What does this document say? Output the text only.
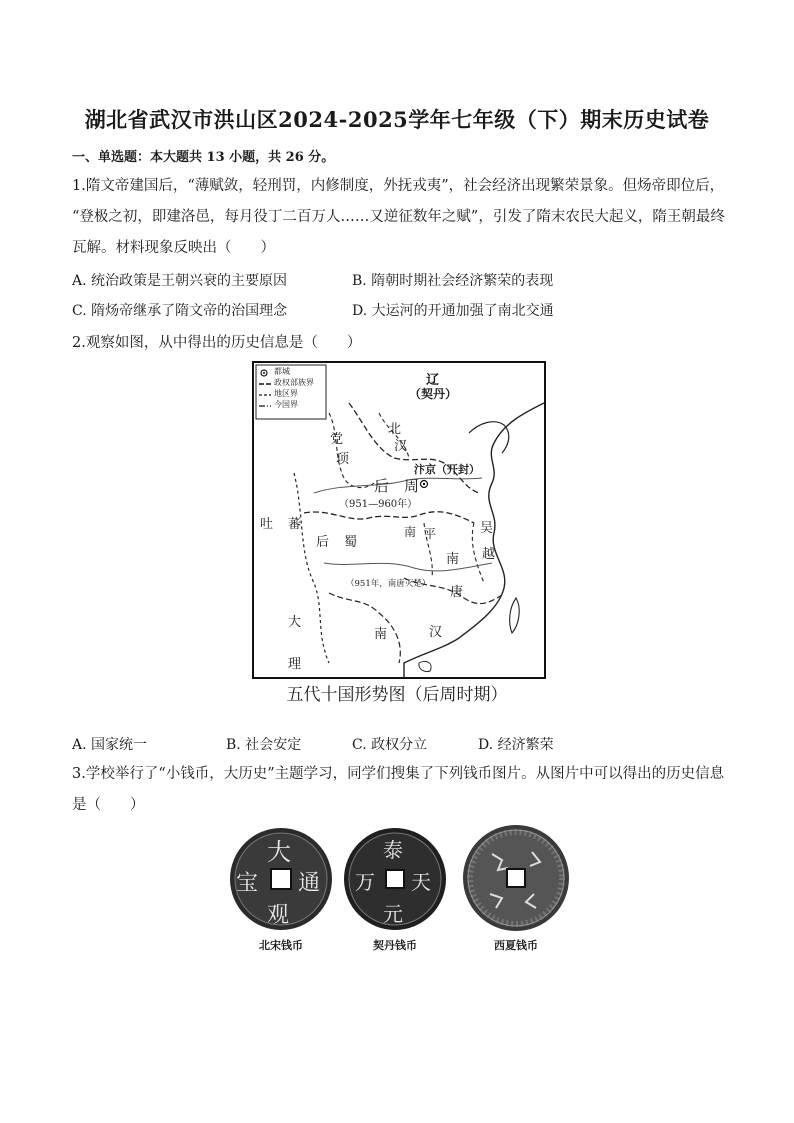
湖北省武汉市洪山区2024-2025学年七年级（下）期末历史试卷
一、单选题：本大题共 13 小题，共 26 分。
1.隋文帝建国后，“薄赋敛，轻刑罚，内修制度，外抚戎夷”，社会经济出现繁荣景象。但炀帝即位后，
“登极之初，即建洛邑，每月役丁二百万人……又逆征数年之赋”，引发了隋末农民大起义，隋王朝最终
瓦解。材料现象反映出（　　）
A. 统治政策是王朝兴衰的主要原因	B. 隋朝时期社会经济繁荣的表现
C. 隋炀帝继承了隋文帝的治国理念	D. 大运河的开通加强了南北交通
2.观察如图，从中得出的历史信息是（　　）
都城
政权部族界
地区界
今国界
辽
（契丹）
党
项
北
汉
汴京（开封）
后 周
（951—960年）
吐 蕃
后 蜀
南 平	吴
越
南
唐
（951年，南唐灭楚）
大
理
南	汉
五代十国形势图（后周时期）
A. 国家统一	B. 社会安定	C. 政权分立	D. 经济繁荣
3.学校举行了“小钱币，大历史”主题学习，同学们搜集了下列钱币图片。从图片中可以得出的历史信息
是（　　）
大
通
观
宝
北宋钱币
泰
天
万
元
契丹钱币	西夏钱币
